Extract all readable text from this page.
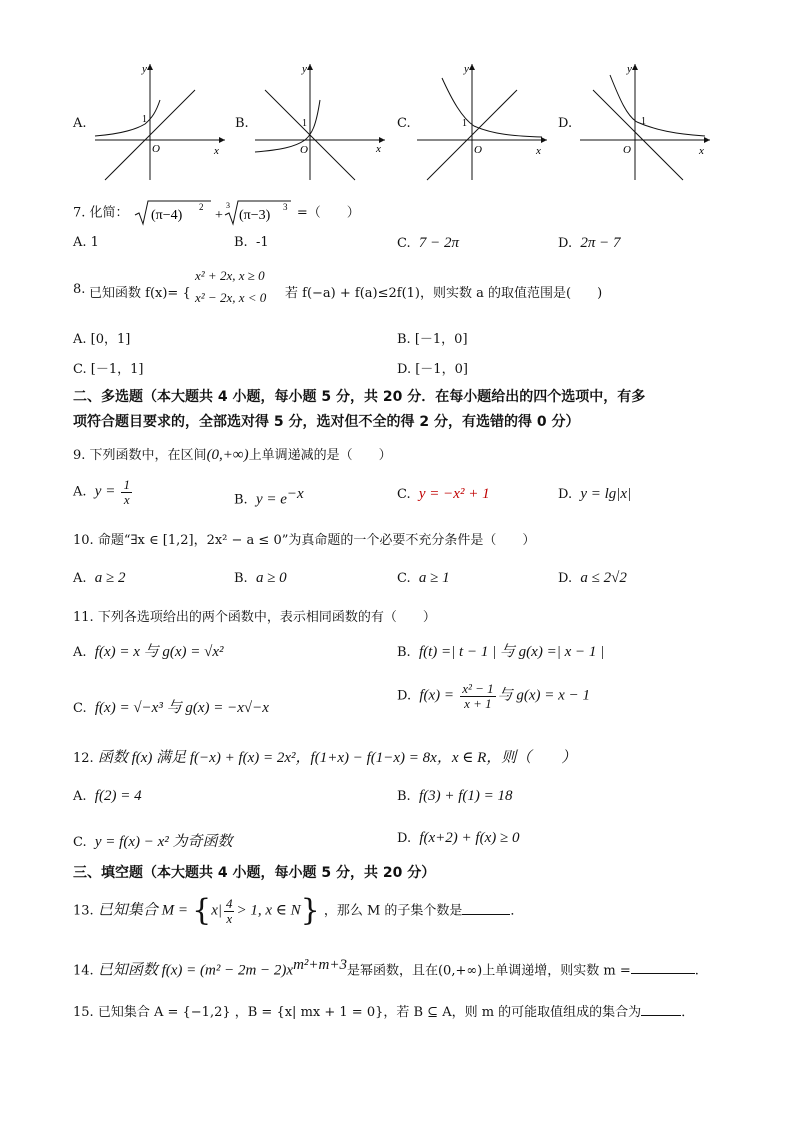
A.
y
x
1
O
B.
y
x
1
O
C.
y
x
1
O
D.
y
x
1
O
7. 化简： (π−4)
2
+
3
(π−3)
3 =（　　）
A. 1	B. -1	C. 7 − 2π	D. 2π − 7
8. 已知函数 f(x)= {
x² + 2x, x ≥ 0
x² − 2x, x < 0 若 f(−a) + f(a)≤2f(1)，则实数 a 的取值范围是(　　)
A. [0，1]	B. [－1，0]
C. [－1，1]	D. [－1，0]
二、多选题（本大题共 4 小题，每小题 5 分，共 20 分．在每小题给出的四个选项中，有多
项符合题目要求的，全部选对得 5 分，选对但不全的得 2 分，有选错的得 0 分）
9. 下列函数中，在区间(0,+∞)上单调递减的是（　　）
A. $y = \frac{1}{x}$	B. $y = e^{-x}$	C. y = −x² + 1	D. y = lg|x|
10. 命题“∃x ∈ [1,2]，2x² − a ≤ 0”为真命题的一个必要不充分条件是（　　）
A. a ≥ 2	B. a ≥ 0	C. a ≥ 1	D. a ≤ 2√2
11. 下列各选项给出的两个函数中，表示相同函数的有（　　）
A. f(x) = x 与 g(x) = √x²	B. f(t) =| t − 1 | 与 g(x) =| x − 1 |
C. f(x) = √−x³ 与 g(x) = −x√−x
D. $f(x) = \frac{\text{x² − 1}}{x + 1}$ 与 g(x) = x − 1
12. 函数 f(x) 满足 f(−x) + f(x) = 2x²，f(1+x) − f(1−x) = 8x，x ∈ R，则（　　）
A. f(2) = 4	B. f(3) + f(1) = 18
C. y = f(x) − x² 为奇函数	D. f(x+2) + f(x) ≥ 0
三、填空题（本大题共 4 小题，每小题 5 分，共 20 分）
13. 已知集合 $M = \{x| \frac{4}{x} > 1$, x ∈ N} ，那么 M 的子集个数是	．
14. 已知函数 $f(x) = (m^2 - 2m - 2)x^{m^2+m+3}$是幂函数，且在(0,+∞)上单调递增，则实数 m =	.
15. 已知集合 A = {−1,2} ，B = {x| mx + 1 = 0}，若 B ⊆ A，则 m 的可能取值组成的集合为	．
